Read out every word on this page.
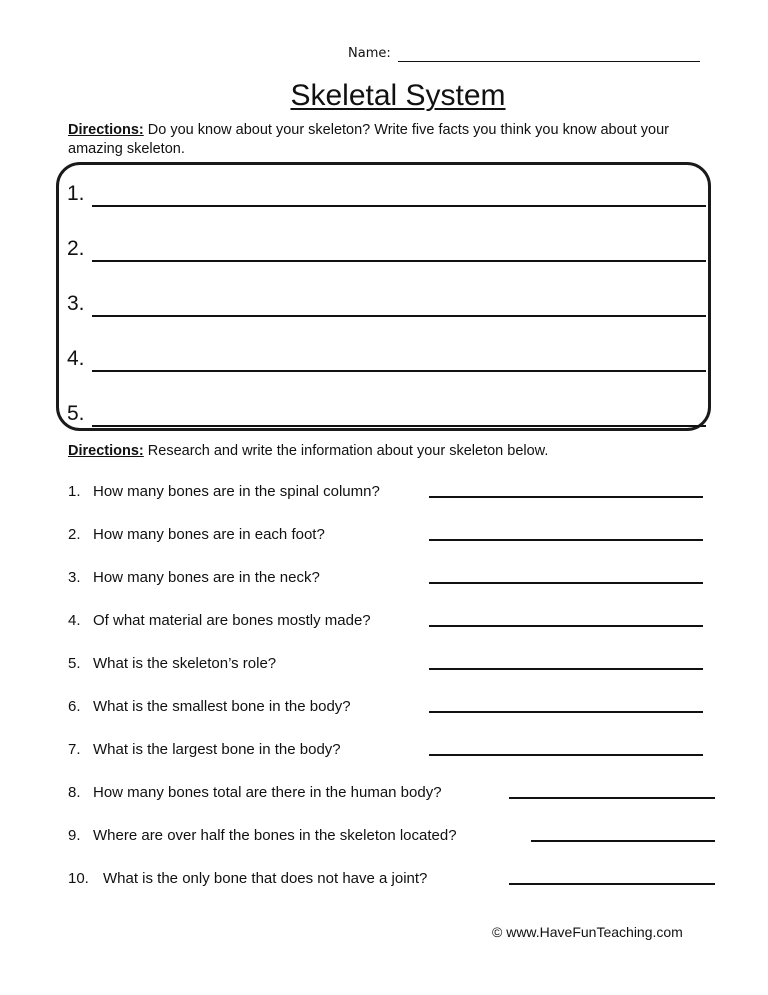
Name:
Skeletal System
Directions: Do you know about your skeleton? Write five facts you think you know about your amazing skeleton.
1.
2.
3.
4.
5.
Directions: Research and write the information about your skeleton below.
1. How many bones are in the spinal column?
2. How many bones are in each foot?
3. How many bones are in the neck?
4. Of what material are bones mostly made?
5. What is the skeleton’s role?
6. What is the smallest bone in the body?
7. What is the largest bone in the body?
8. How many bones total are there in the human body?
9. Where are over half the bones in the skeleton located?
10. What is the only bone that does not have a joint?
© www.HaveFunTeaching.com
